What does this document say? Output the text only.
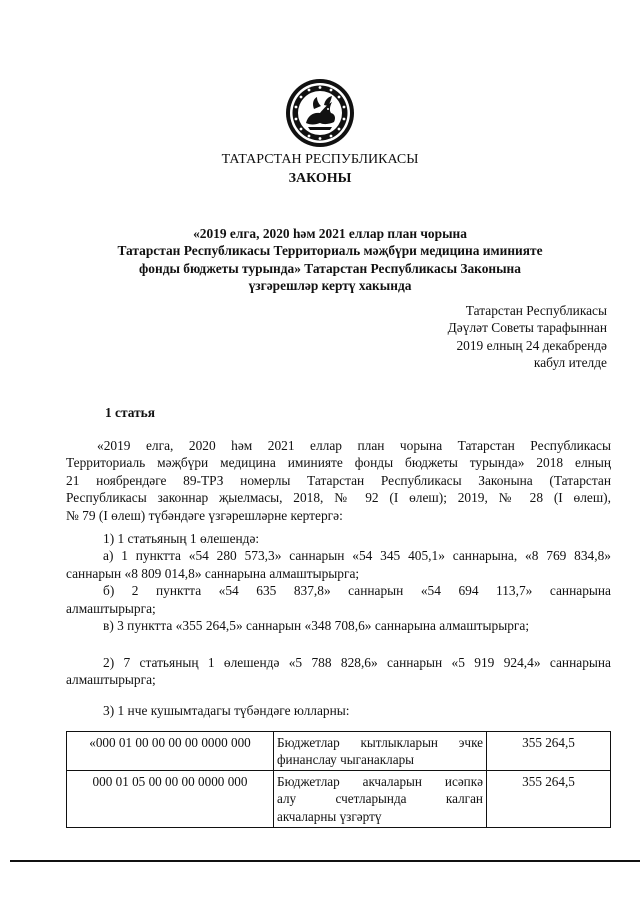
ТАТАРСТАН РЕСПУБЛИКАСЫ
ЗАКОНЫ
«2019 елга, 2020 һәм 2021 еллар план чорына
Татарстан Республикасы Территориаль мәҗбүри медицина иминияте
фонды бюджеты турында» Татарстан Республикасы Законына
үзгәрешләр кертү хакында
Татарстан Республикасы
Дәүләт Советы тарафыннан
2019 елның 24 декабрендә
кабул ителде
1 статья
«2019 елга, 2020 һәм 2021 еллар план чорына Татарстан Республикасы
Территориаль мәҗбүри медицина иминияте фонды бюджеты турында» 2018 елның
21 ноябрендәге 89-ТРЗ номерлы Татарстан Республикасы Законына (Татарстан
Республикасы законнар җыелмасы, 2018, № 92 (I өлеш); 2019, № 28 (I өлеш),
№ 79 (I өлеш) түбәндәге үзгәрешләрне кертергә:
1) 1 статьяның 1 өлешендә:
а) 1 пунктта «54 280 573,3» саннарын «54 345 405,1» саннарына, «8 769 834,8»
саннарын «8 809 014,8» саннарына алмаштырырга;
б) 2 пунктта «54 635 837,8» саннарын «54 694 113,7» саннарына
алмаштырырга;
в) 3 пунктта «355 264,5» саннарын «348 708,6» саннарына алмаштырырга;
2) 7 статьяның 1 өлешендә «5 788 828,6» саннарын «5 919 924,4» саннарына
алмаштырырга;
3) 1 нче кушымтадагы түбәндәге юлларны:
«000 01 00 00 00 00 0000 000	Бюджетлар кытлыкларын эчке
финанслау чыганаклары	355 264,5
000 01 05 00 00 00 0000 000	Бюджетлар акчаларын исәпкә
алу счетларында калган
акчаларны үзгәртү	355 264,5
